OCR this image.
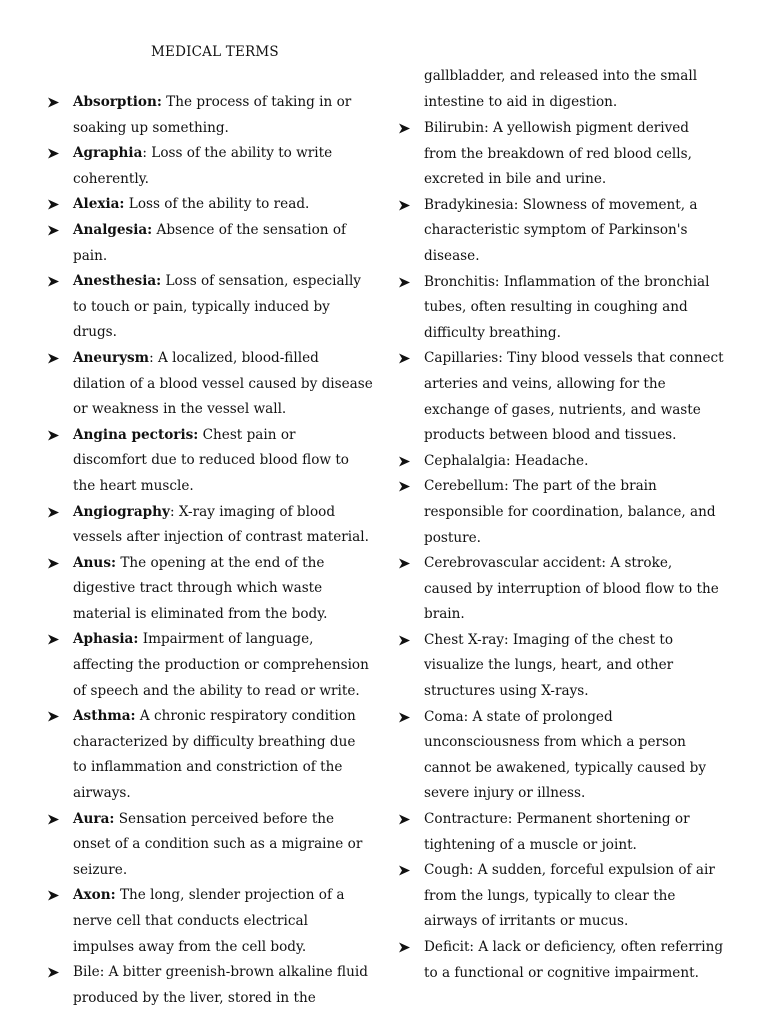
MEDICAL TERMS
Absorption: The process of taking in or soaking up something.
Agraphia: Loss of the ability to write coherently.
Alexia: Loss of the ability to read.
Analgesia: Absence of the sensation of pain.
Anesthesia: Loss of sensation, especially to touch or pain, typically induced by drugs.
Aneurysm: A localized, blood-filled dilation of a blood vessel caused by disease or weakness in the vessel wall.
Angina pectoris: Chest pain or discomfort due to reduced blood flow to the heart muscle.
Angiography: X-ray imaging of blood vessels after injection of contrast material.
Anus: The opening at the end of the digestive tract through which waste material is eliminated from the body.
Aphasia: Impairment of language, affecting the production or comprehension of speech and the ability to read or write.
Asthma: A chronic respiratory condition characterized by difficulty breathing due to inflammation and constriction of the airways.
Aura: Sensation perceived before the onset of a condition such as a migraine or seizure.
Axon: The long, slender projection of a nerve cell that conducts electrical impulses away from the cell body.
Bile: A bitter greenish-brown alkaline fluid produced by the liver, stored in the
gallbladder, and released into the small intestine to aid in digestion.
Bilirubin: A yellowish pigment derived from the breakdown of red blood cells, excreted in bile and urine.
Bradykinesia: Slowness of movement, a characteristic symptom of Parkinson's disease.
Bronchitis: Inflammation of the bronchial tubes, often resulting in coughing and difficulty breathing.
Capillaries: Tiny blood vessels that connect arteries and veins, allowing for the exchange of gases, nutrients, and waste products between blood and tissues.
Cephalalgia: Headache.
Cerebellum: The part of the brain responsible for coordination, balance, and posture.
Cerebrovascular accident: A stroke, caused by interruption of blood flow to the brain.
Chest X-ray: Imaging of the chest to visualize the lungs, heart, and other structures using X-rays.
Coma: A state of prolonged unconsciousness from which a person cannot be awakened, typically caused by severe injury or illness.
Contracture: Permanent shortening or tightening of a muscle or joint.
Cough: A sudden, forceful expulsion of air from the lungs, typically to clear the airways of irritants or mucus.
Deficit: A lack or deficiency, often referring to a functional or cognitive impairment.
